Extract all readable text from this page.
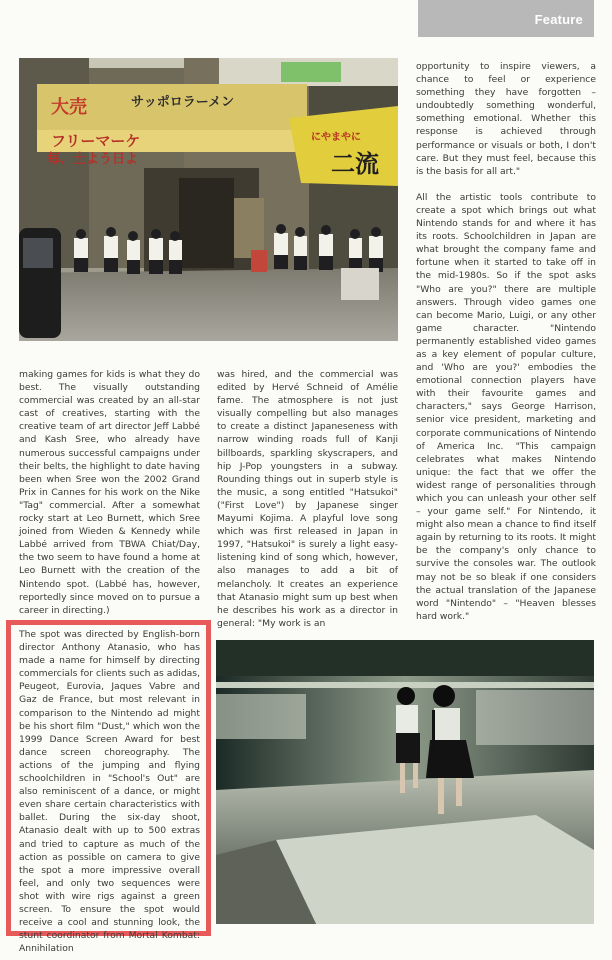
Feature
大売	サッポロラーメン
フリーマーケ
毎、土よう日よ
にやまやに
二流

opportunity to inspire viewers, a chance to feel or experience something they have forgotten – undoubtedly something wonderful, something emotional. Whether this response is achieved through performance or visuals or both, I don't care. But they must feel, because this is the basis for all art."

All the artistic tools contribute to create a spot which brings out what Nintendo stands for and where it has its roots. Schoolchildren in Japan are what brought the company fame and fortune when it started to take off in the mid-1980s. So if the spot asks "Who are you?" there are multiple answers. Through video games one can become Mario, Luigi, or any other game character. "Nintendo permanently established video games as a key element of popular culture, and 'Who are you?' embodies the emotional connection players have with their favourite games and characters," says George Harrison, senior vice president, marketing and corporate communications of Nintendo of America Inc. "This campaign celebrates what makes Nintendo unique: the fact that we offer the widest range of personalities through which you can unleash your other self – your game self." For Nintendo, it might also mean a chance to find itself again by returning to its roots. It might be the company's only chance to survive the consoles war. The outlook may not be so bleak if one considers the actual translation of the Japanese word "Nintendo" – "Heaven blesses hard work."

making games for kids is what they do best. The visually outstanding commercial was created by an all-star cast of creatives, starting with the creative team of art director Jeff Labbé and Kash Sree, who already have numerous successful campaigns under their belts, the highlight to date having been when Sree won the 2002 Grand Prix in Cannes for his work on the Nike "Tag" commercial. After a somewhat rocky start at Leo Burnett, which Sree joined from Wieden & Kennedy while Labbé arrived from TBWA Chiat/Day, the two seem to have found a home at Leo Burnett with the creation of the Nintendo spot. (Labbé has, however, reportedly since moved on to pursue a career in directing.)

was hired, and the commercial was edited by Hervé Schneid of Amélie fame. The atmosphere is not just visually compelling but also manages to create a distinct Japaneseness with narrow winding roads full of Kanji billboards, sparkling skyscrapers, and hip J-Pop youngsters in a subway. Rounding things out in superb style is the music, a song entitled "Hatsukoi" ("First Love") by Japanese singer Mayumi Kojima. A playful love song which was first released in Japan in 1997, "Hatsukoi" is surely a light easy-listening kind of song which, however, also manages to add a bit of melancholy. It creates an experience that Atanasio might sum up best when he describes his work as a director in general: "My work is an

The spot was directed by English-born director Anthony Atanasio, who has made a name for himself by directing commercials for clients such as adidas, Peugeot, Eurovia, Jaques Vabre and Gaz de France, but most relevant in comparison to the Nintendo ad might be his short film "Dust," which won the 1999 Dance Screen Award for best dance screen choreography. The actions of the jumping and flying schoolchildren in "School's Out" are also reminiscent of a dance, or might even share certain characteristics with ballet. During the six-day shoot, Atanasio dealt with up to 500 extras and tried to capture as much of the action as possible on camera to give the spot a more impressive overall feel, and only two sequences were shot with wire rigs against a green screen. To ensure the spot would receive a cool and stunning look, the stunt coordinator from Mortal Kombat: Annihilation
